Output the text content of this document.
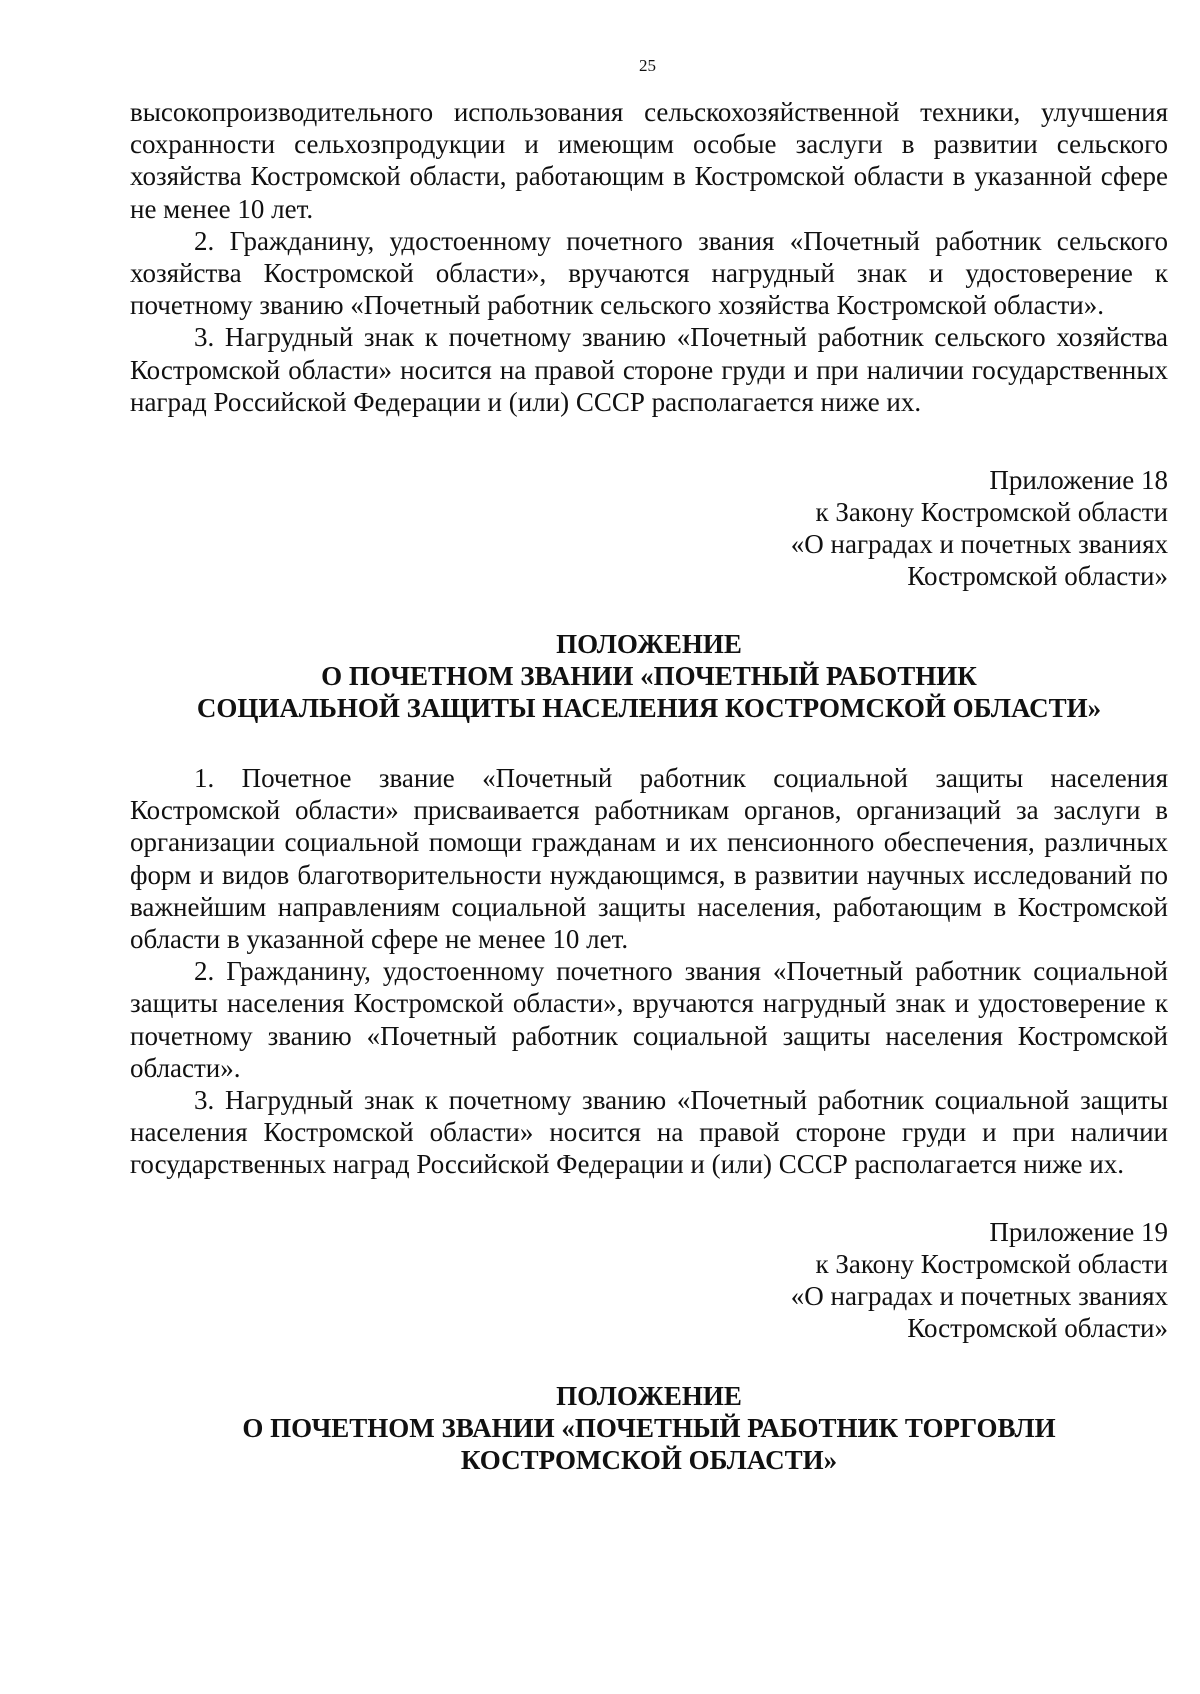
25

высокопроизводительного использования сельскохозяйственной техники, улучшения сохранности сельхозпродукции и имеющим особые заслуги в развитии сельского хозяйства Костромской области, работающим в Костромской области в указанной сфере не менее 10 лет.

2. Гражданину, удостоенному почетного звания «Почетный работник сельского хозяйства Костромской области», вручаются нагрудный знак и удостоверение к почетному званию «Почетный работник сельского хозяйства Костромской области».

3. Нагрудный знак к почетному званию «Почетный работник сельского хозяйства Костромской области» носится на правой стороне груди и при наличии государственных наград Российской Федерации и (или) СССР располагается ниже их.

Приложение 18
к Закону Костромской области
«О наградах и почетных званиях
Костромской области»
ПОЛОЖЕНИЕ
О ПОЧЕТНОМ ЗВАНИИ «ПОЧЕТНЫЙ РАБОТНИК
СОЦИАЛЬНОЙ ЗАЩИТЫ НАСЕЛЕНИЯ КОСТРОМСКОЙ ОБЛАСТИ»

1. Почетное звание «Почетный работник социальной защиты населения Костромской области» присваивается работникам органов, организаций за заслуги в организации социальной помощи гражданам и их пенсионного обеспечения, различных форм и видов благотворительности нуждающимся, в развитии научных исследований по важнейшим направлениям социальной защиты населения, работающим в Костромской области в указанной сфере не менее 10 лет.

2. Гражданину, удостоенному почетного звания «Почетный работник социальной защиты населения Костромской области», вручаются нагрудный знак и удостоверение к почетному званию «Почетный работник социальной защиты населения Костромской области».

3. Нагрудный знак к почетному званию «Почетный работник социальной защиты населения Костромской области» носится на правой стороне груди и при наличии государственных наград Российской Федерации и (или) СССР располагается ниже их.

Приложение 19
к Закону Костромской области
«О наградах и почетных званиях
Костромской области»
ПОЛОЖЕНИЕ
О ПОЧЕТНОМ ЗВАНИИ «ПОЧЕТНЫЙ РАБОТНИК ТОРГОВЛИ
КОСТРОМСКОЙ ОБЛАСТИ»
